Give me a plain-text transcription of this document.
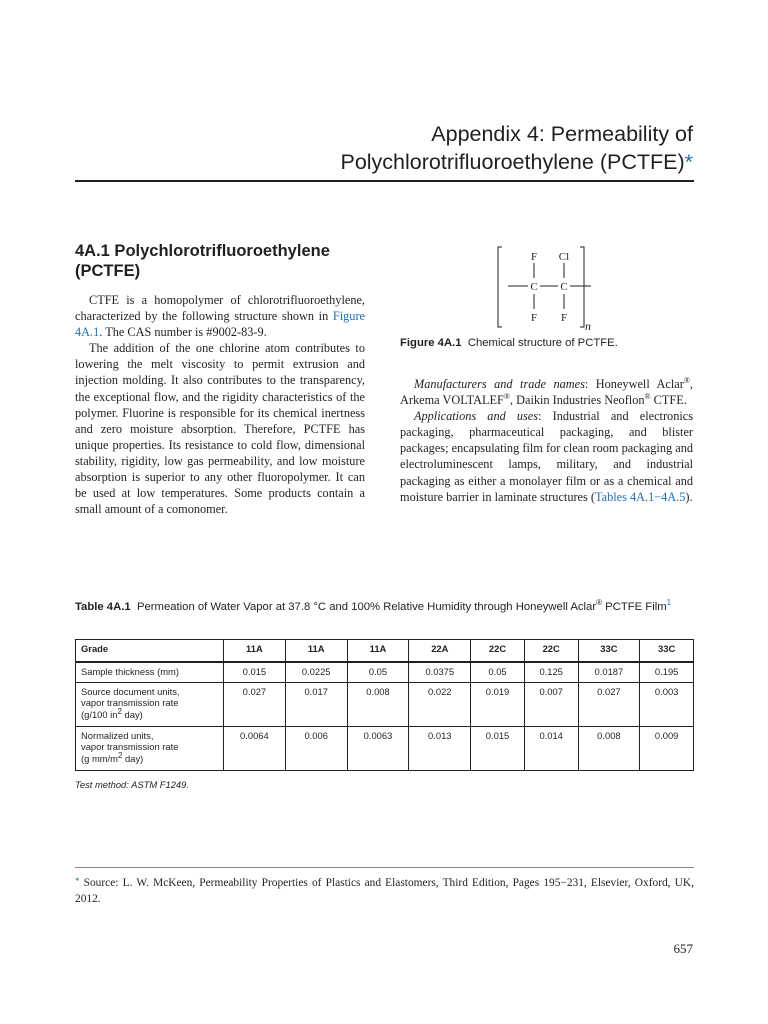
Appendix 4: Permeability of
Polychlorotrifluoroethylene (PCTFE)*
4A.1 Polychlorotrifluoroethylene
(PCTFE)

CTFE is a homopolymer of chlorotrifluoroethylene, characterized by the following structure shown in Figure 4A.1. The CAS number is #9002-83-9.

The addition of the one chlorine atom contributes to lowering the melt viscosity to permit extrusion and injection molding. It also contributes to the transparency, the exceptional flow, and the rigidity characteristics of the polymer. Fluorine is responsible for its chemical inertness and zero moisture absorption. Therefore, PCTFE has unique properties. Its resistance to cold flow, dimensional stability, rigidity, low gas permeability, and low moisture absorption is superior to any other fluoropolymer. It can be used at low temperatures. Some products contain a small amount of a comonomer.

F Cl
C C
F F
n
Figure 4A.1 Chemical structure of PCTFE.

Manufacturers and trade names: Honeywell Aclar®, Arkema VOLTALEF®, Daikin Industries Neoflon® CTFE.

Applications and uses: Industrial and electronics packaging, pharmaceutical packaging, and blister packages; encapsulating film for clean room packaging and electroluminescent lamps, military, and industrial packaging as either a monolayer film or as a chemical and moisture barrier in laminate structures (Tables 4A.1−4A.5).

Table 4A.1 Permeation of Water Vapor at 37.8 °C and 100% Relative Humidity through Honeywell Aclar® PCTFE Film$^1$
Grade	11A	11A	11A	22A	22C	22C	33C	33C
Sample thickness (mm)	0.015	0.0225	0.05	0.0375	0.05	0.125	0.0187	0.195

Source document units,
vapor transmission rate
(g/100 $in^2$ day)	0.027	0.017	0.008	0.022	0.019	0.007	0.027	0.003

Normalized units,
vapor transmission rate
(g $mm/m^2$ day)	0.0064	0.006	0.0063	0.013	0.015	0.014	0.008	0.009
Test method: ASTM F1249.
* Source: L. W. McKeen, Permeability Properties of Plastics and Elastomers, Third Edition, Pages 195−231, Elsevier, Oxford, UK, 2012.
657
